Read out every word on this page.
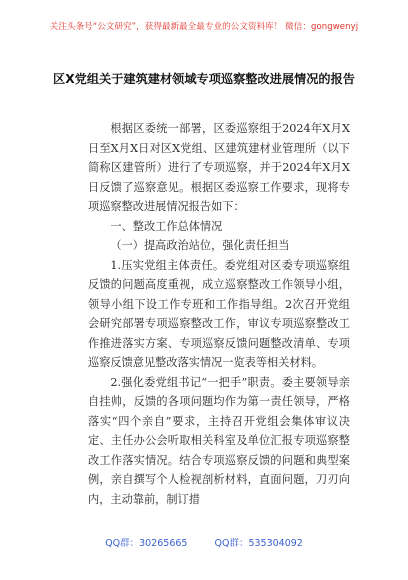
关注头条号“公文研究”，获得最新最全最专业的公文资料库！ 微信：gongwenyj
区X党组关于建筑建材领域专项巡察整改进展情况的报告

根据区委统一部署，区委巡察组于2024年X月X日至X月X日对区X党组、区建筑建材业管理所（以下简称区建管所）进行了专项巡察，并于2024年X月X日反馈了巡察意见。根据区委巡察工作要求，现将专项巡察整改进展情况报告如下：

一、整改工作总体情况

（一）提高政治站位，强化责任担当

1.压实党组主体责任。委党组对区委专项巡察组反馈的问题高度重视，成立巡察整改工作领导小组，领导小组下设工作专班和工作指导组。2次召开党组会研究部署专项巡察整改工作，审议专项巡察整改工作推进落实方案、专项巡察反馈问题整改清单、专项巡察反馈意见整改落实情况一览表等相关材料。

2.强化委党组书记“一把手”职责。委主要领导亲自挂帅，反馈的各项问题均作为第一责任领导，严格落实“四个亲自”要求，主持召开党组会集体审议决定、主任办公会听取相关科室及单位汇报专项巡察整改工作落实情况。结合专项巡察反馈的问题和典型案例，亲自撰写个人检视剖析材料，直面问题，刀刃向内，主动靠前，制订措

QQ群：30265665	QQ群：535304092
